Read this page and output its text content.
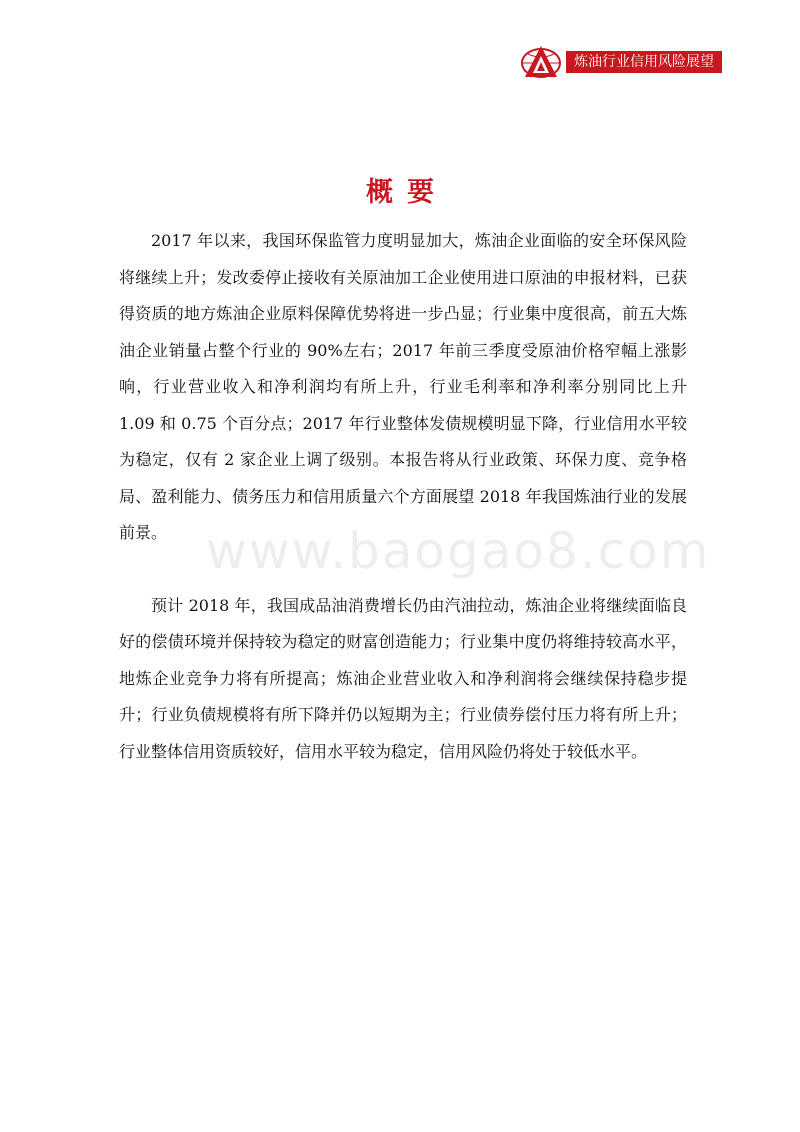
炼油行业信用风险展望
概要

2017 年以来，我国环保监管力度明显加大，炼油企业面临的安全环保风险将继续上升；发改委停止接收有关原油加工企业使用进口原油的申报材料，已获得资质的地方炼油企业原料保障优势将进一步凸显；行业集中度很高，前五大炼油企业销量占整个行业的 90%左右；2017 年前三季度受原油价格窄幅上涨影响，行业营业收入和净利润均有所上升，行业毛利率和净利率分别同比上升 1.09 和 0.75 个百分点；2017 年行业整体发债规模明显下降，行业信用水平较为稳定，仅有 2 家企业上调了级别。本报告将从行业政策、环保力度、竞争格局、盈利能力、债务压力和信用质量六个方面展望 2018 年我国炼油行业的发展前景。

预计 2018 年，我国成品油消费增长仍由汽油拉动，炼油企业将继续面临良好的偿债环境并保持较为稳定的财富创造能力；行业集中度仍将维持较高水平，地炼企业竞争力将有所提高；炼油企业营业收入和净利润将会继续保持稳步提升；行业负债规模将有所下降并仍以短期为主；行业债券偿付压力将有所上升；行业整体信用资质较好，信用水平较为稳定，信用风险仍将处于较低水平。

www.baogao8.com
